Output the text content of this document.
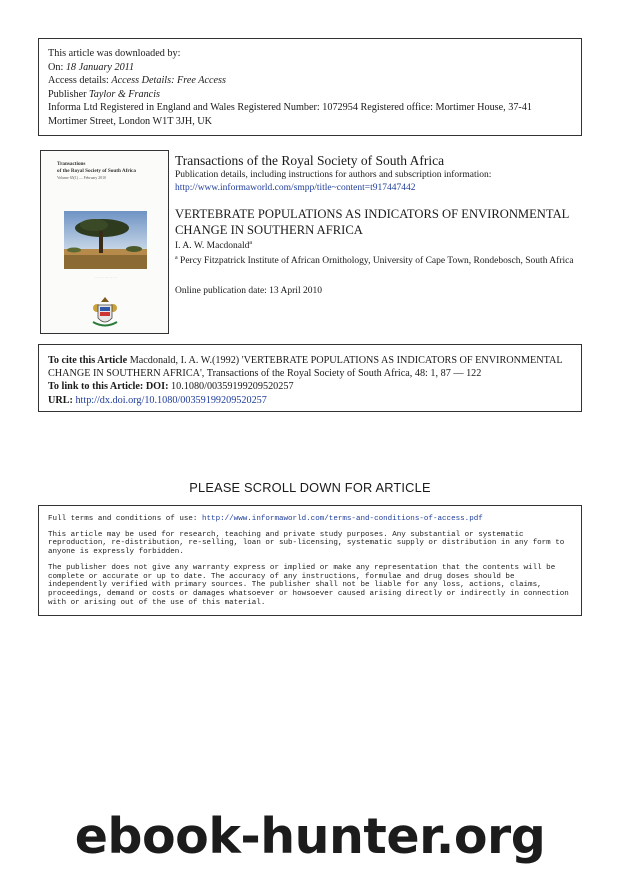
This article was downloaded by:
On: 18 January 2011
Access details: Access Details: Free Access
Publisher Taylor & Francis
Informa Ltd Registered in England and Wales Registered Number: 1072954 Registered office: Mortimer House, 37-41 Mortimer Street, London W1T 3JH, UK
Transactions
of the Royal Society of South Africa
Volume 65(1) — February 2010
· · · · · · · · · · · · · ·
Transactions of the Royal Society of South Africa
Publication details, including instructions for authors and subscription information:
http://www.informaworld.com/smpp/title~content=t917447442
VERTEBRATE POPULATIONS AS INDICATORS OF ENVIRONMENTAL CHANGE IN SOUTHERN AFRICA
I. A. W. Macdonald$^a$
$^a$ Percy Fitzpatrick Institute of African Ornithology, University of Cape Town, Rondebosch, South Africa
Online publication date: 13 April 2010
To cite this Article Macdonald, I. A. W.(1992) 'VERTEBRATE POPULATIONS AS INDICATORS OF ENVIRONMENTAL CHANGE IN SOUTHERN AFRICA', Transactions of the Royal Society of South Africa, 48: 1, 87 — 122
To link to this Article: DOI: 10.1080/00359199209520257
URL: http://dx.doi.org/10.1080/00359199209520257
PLEASE SCROLL DOWN FOR ARTICLE

Full terms and conditions of use: http://www.informaworld.com/terms-and-conditions-of-access.pdf

This article may be used for research, teaching and private study purposes. Any substantial or systematic reproduction, re-distribution, re-selling, loan or sub-licensing, systematic supply or distribution in any form to anyone is expressly forbidden.

The publisher does not give any warranty express or implied or make any representation that the contents will be complete or accurate or up to date. The accuracy of any instructions, formulae and drug doses should be independently verified with primary sources. The publisher shall not be liable for any loss, actions, claims, proceedings, demand or costs or damages whatsoever or howsoever caused arising directly or indirectly in connection with or arising out of the use of this material.

ebook-hunter.org
